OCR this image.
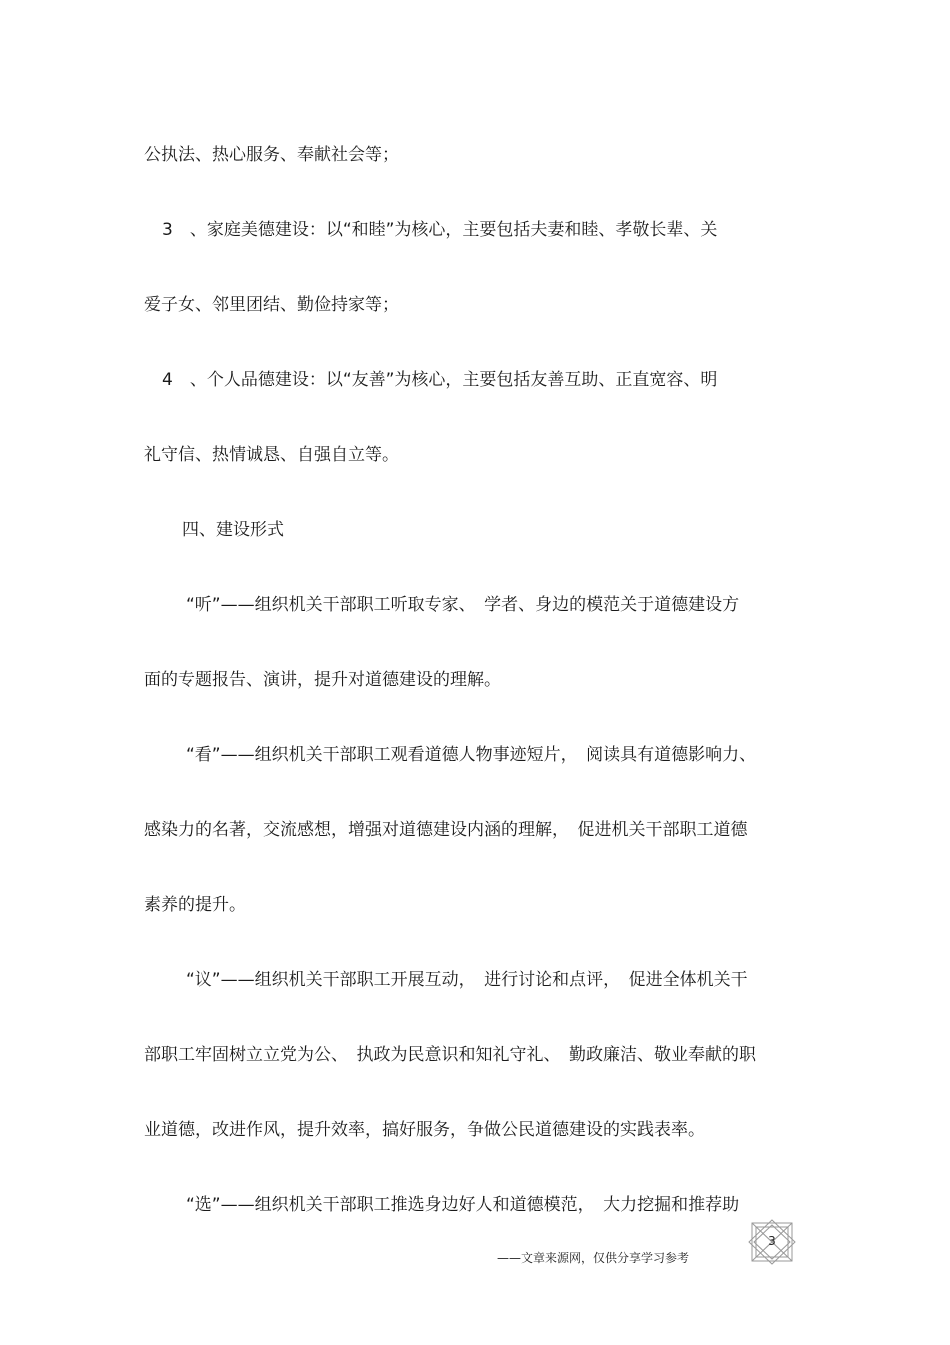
公执法、热心服务、奉献社会等；

3　、家庭美德建设：以“和睦”为核心，主要包括夫妻和睦、孝敬长辈、关

爱子女、邻里团结、勤俭持家等；

4　、个人品德建设：以“友善”为核心，主要包括友善互助、正直宽容、明

礼守信、热情诚恳、自强自立等。

四、建设形式

“听”——组织机关干部职工听取专家、　学者、身边的模范关于道德建设方

面的专题报告、演讲，提升对道德建设的理解。

“看”——组织机关干部职工观看道德人物事迹短片，　阅读具有道德影响力、

感染力的名著，交流感想，增强对道德建设内涵的理解，　促进机关干部职工道德

素养的提升。

“议”——组织机关干部职工开展互动，　进行讨论和点评，　促进全体机关干

部职工牢固树立立党为公、　执政为民意识和知礼守礼、　勤政廉洁、敬业奉献的职

业道德，改进作风，提升效率，搞好服务，争做公民道德建设的实践表率。

“选”——组织机关干部职工推选身边好人和道德模范，　大力挖掘和推荐助

3
——文章来源网，仅供分享学习参考
